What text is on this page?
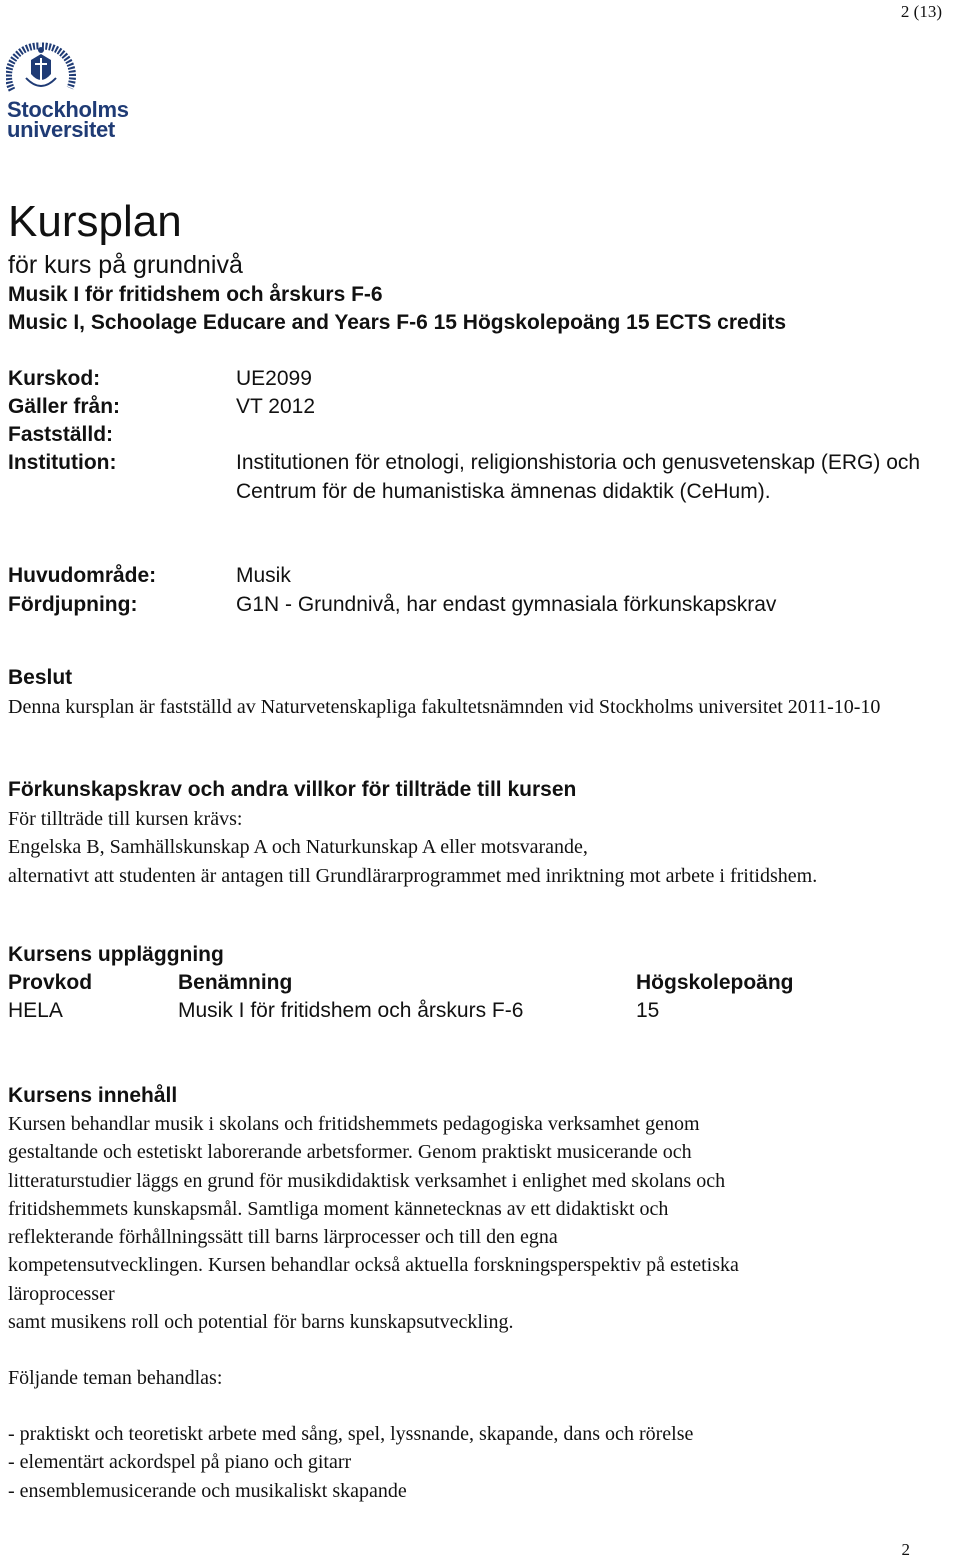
2 (13)
Stockholms
universitet
Kursplan
för kurs på grundnivå
Musik I för fritidshem och årskurs F-6
Music I, Schoolage Educare and Years F-6 15 Högskolepoäng 15 ECTS credits
Kurskod:	UE2099
Gäller från:	VT 2012
Fastställd:
Institution:	Institutionen för etnologi, religionshistoria och genusvetenskap (ERG) och Centrum för de humanistiska ämnenas didaktik (CeHum).
Huvudområde:	Musik
Fördjupning:	G1N - Grundnivå, har endast gymnasiala förkunskapskrav
Beslut
Denna kursplan är fastställd av Naturvetenskapliga fakultetsnämnden vid Stockholms universitet 2011-10-10
Förkunskapskrav och andra villkor för tillträde till kursen
För tillträde till kursen krävs:
Engelska B, Samhällskunskap A och Naturkunskap A eller motsvarande,
alternativt att studenten är antagen till Grundlärarprogrammet med inriktning mot arbete i fritidshem.
Kursens uppläggning
Provkod	Benämning	Högskolepoäng
HELA	Musik I för fritidshem och årskurs F-6	15
Kursens innehåll
Kursen behandlar musik i skolans och fritidshemmets pedagogiska verksamhet genom
gestaltande och estetiskt laborerande arbetsformer. Genom praktiskt musicerande och
litteraturstudier läggs en grund för musikdidaktisk verksamhet i enlighet med skolans och
fritidshemmets kunskapsmål. Samtliga moment kännetecknas av ett didaktiskt och
reflekterande förhållningssätt till barns lärprocesser och till den egna
kompetensutvecklingen. Kursen behandlar också aktuella forskningsperspektiv på estetiska
läroprocesser
samt musikens roll och potential för barns kunskapsutveckling.
Följande teman behandlas:
- praktiskt och teoretiskt arbete med sång, spel, lyssnande, skapande, dans och rörelse
- elementärt ackordspel på piano och gitarr
- ensemblemusicerande och musikaliskt skapande
2
